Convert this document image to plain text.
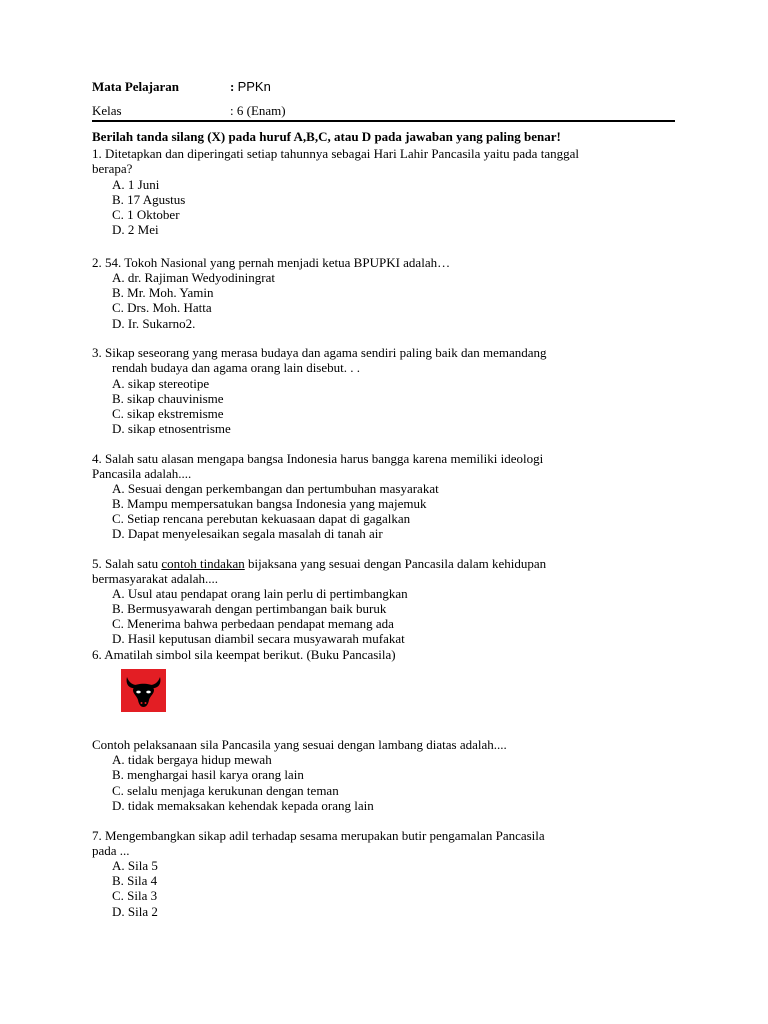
Mata Pelajaran	: PPKn
Kelas	: 6 (Enam)
Berilah tanda silang (X) pada huruf A,B,C, atau D pada jawaban yang paling benar!
1. Ditetapkan dan diperingati setiap tahunnya sebagai Hari Lahir Pancasila yaitu pada tanggal
berapa?
A. 1 Juni
B. 17 Agustus
C. 1 Oktober
D. 2 Mei
2. 54. Tokoh Nasional yang pernah menjadi ketua BPUPKI adalah…
A. dr. Rajiman Wedyodiningrat
B. Mr. Moh. Yamin
C. Drs. Moh. Hatta
D. Ir. Sukarno2.
3. Sikap seseorang yang merasa budaya dan agama sendiri paling baik dan memandang
rendah budaya dan agama orang lain disebut. . .
A. sikap stereotipe
B. sikap chauvinisme
C. sikap ekstremisme
D. sikap etnosentrisme
4. Salah satu alasan mengapa bangsa Indonesia harus bangga karena memiliki ideologi
Pancasila adalah....
A. Sesuai dengan perkembangan dan pertumbuhan masyarakat
B. Mampu mempersatukan bangsa Indonesia yang majemuk
C. Setiap rencana perebutan kekuasaan dapat di gagalkan
D. Dapat menyelesaikan segala masalah di tanah air
5. Salah satu contoh tindakan bijaksana yang sesuai dengan Pancasila dalam kehidupan
bermasyarakat adalah....
A. Usul atau pendapat orang lain perlu di pertimbangkan
B. Bermusyawarah dengan pertimbangan baik buruk
C. Menerima bahwa perbedaan pendapat memang ada
D. Hasil keputusan diambil secara musyawarah mufakat
6. Amatilah simbol sila keempat berikut. (Buku Pancasila)
Contoh pelaksanaan sila Pancasila yang sesuai dengan lambang diatas adalah....
A. tidak bergaya hidup mewah
B. menghargai hasil karya orang lain
C. selalu menjaga kerukunan dengan teman
D. tidak memaksakan kehendak kepada orang lain
7. Mengembangkan sikap adil terhadap sesama merupakan butir pengamalan Pancasila
pada ...
A. Sila 5
B. Sila 4
C. Sila 3
D. Sila 2
